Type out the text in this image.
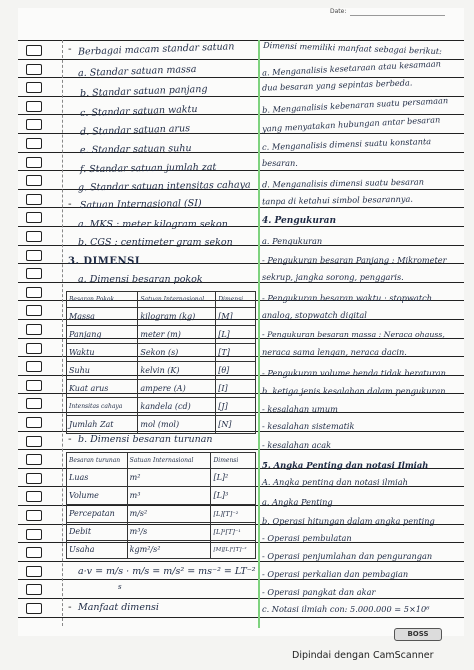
Date:
- Berbagai macam standar satuan
a. Standar satuan massa
b. Standar satuan panjang
c. Standar satuan waktu
d. Standar satuan arus
e. Standar satuan suhu
f. Standar satuan jumlah zat
g. Standar satuan intensitas cahaya
- Satuan Internasional (SI)
a. MKS : meter kilogram sekon
b. CGS : centimeter gram sekon
3. DIMENSI
a. Dimensi besaran pokok
Besaran Pokok	Satuan Internasional	Dimensi
Massa	kilogram (kg)	[M]
Panjang	meter (m)	[L]
Waktu	Sekon (s)	[T]
Suhu	kelvin (K)	[θ]
Kuat arus	ampere (A)	[I]
Intensitas cahaya	kandela (cd)	[J]
Jumlah Zat	mol (mol)	[N]
- b. Dimensi besaran turunan
Besaran turunan	Satuan Internasional	Dimensi
Luas	m²	[L]²
Volume	m³	[L]³
Percepatan	m/s²	[L][T]⁻²
Debit	m³/s	[L]³[T]⁻¹
Usaha	kgm²/s²	[M][L]²[T]⁻²
a·v = m/s · m/s = m/s² = ms⁻² = LT⁻²
s
- Manfaat dimensi
Dimensi memiliki manfaat sebagai berikut:
a. Menganalisis kesetaraan atau kesamaan
dua besaran yang sepintas berbeda.
b. Menganalisis kebenaran suatu persamaan
yang menyatakan hubungan antar besaran
c. Menganalisis dimensi suatu konstanta
besaran.
d. Menganalisis dimensi suatu besaran
tanpa di ketahui simbol besarannya.
4. Pengukuran
a. Pengukuran
- Pengukuran besaran Panjang : Mikrometer
sekrup, jangka sorong, penggaris.
- Pengukuran besaran waktu : stopwatch
analog, stopwatch digital
- Pengukuran besaran massa : Neraca ohauss,
neraca sama lengan, neraca dacin.
- Pengukuran volume benda tidak beraturan
b. ketiga jenis kesalahan dalam pengukuran
- kesalahan umum
- kesalahan sistematik
- kesalahan acak
5. Angka Penting dan notasi Ilmiah
A. Angka penting dan notasi ilmiah
a. Angka Penting
b. Operasi hitungan dalam angka penting
- Operasi pembulatan
- Operasi penjumlahan dan pengurangan
- Operasi perkalian dan pembagian
- Operasi pangkat dan akar
c. Notasi ilmiah con: 5.000.000 = 5×10⁶
BOSS
Dipindai dengan CamScanner
